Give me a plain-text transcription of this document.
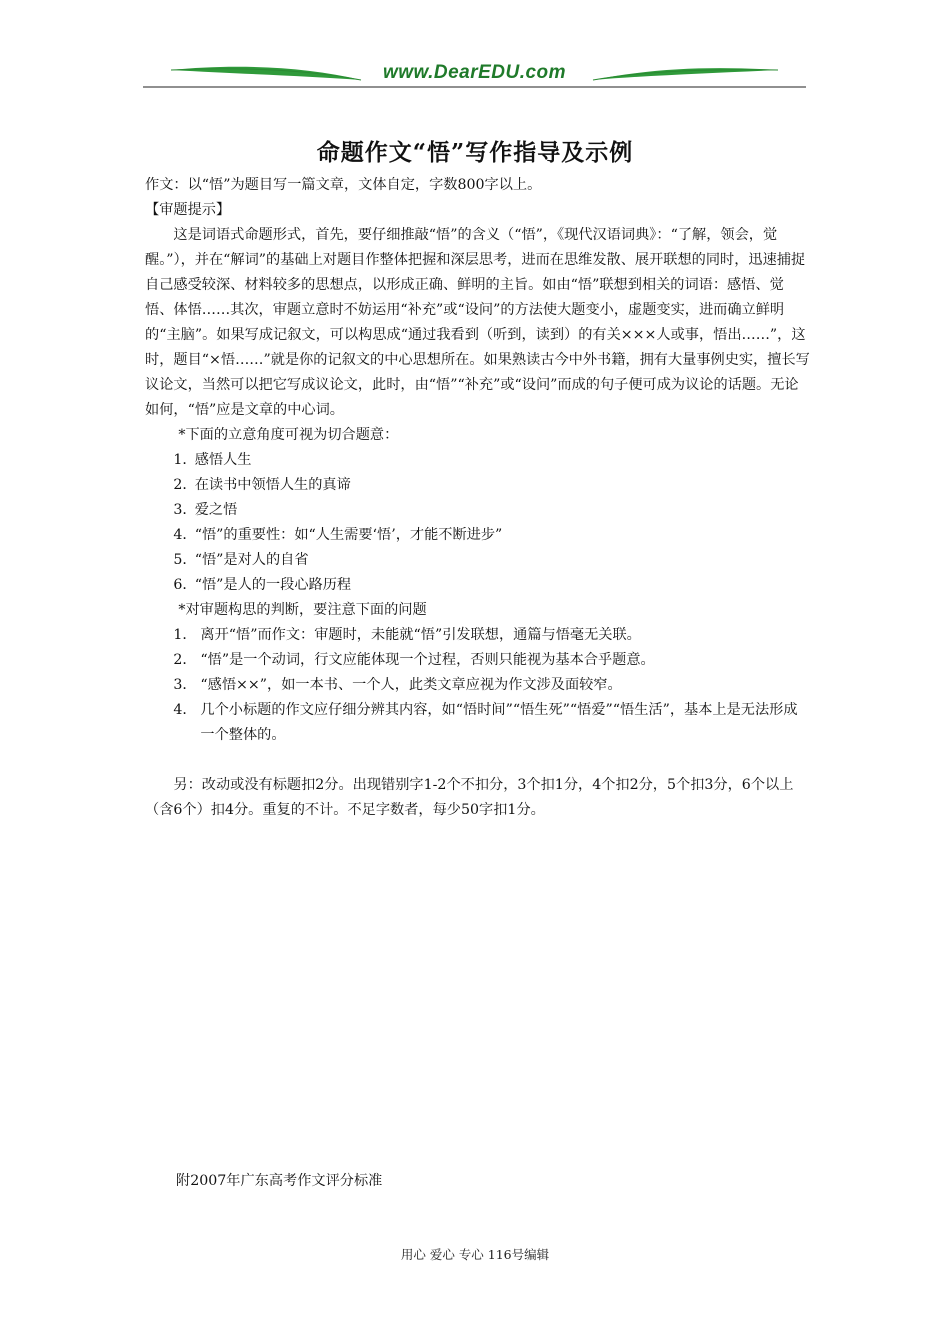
www.DearEDU.com
命题作文“悟”写作指导及示例

作文：以“悟”为题目写一篇文章，文体自定，字数800字以上。

【审题提示】

这是词语式命题形式，首先，要仔细推敲“悟”的含义（“悟”，《现代汉语词典》：“了解，领会，觉醒。”），并在“解词”的基础上对题目作整体把握和深层思考，进而在思维发散、展开联想的同时，迅速捕捉自己感受较深、材料较多的思想点，以形成正确、鲜明的主旨。如由“悟”联想到相关的词语：感悟、觉悟、体悟……其次，审题立意时不妨运用“补充”或“设问”的方法使大题变小，虚题变实，进而确立鲜明的“主脑”。如果写成记叙文，可以构思成“通过我看到（听到，读到）的有关×××人或事，悟出……”，这时，题目“×悟……”就是你的记叙文的中心思想所在。如果熟读古今中外书籍，拥有大量事例史实，擅长写议论文，当然可以把它写成议论文，此时，由“悟”“补充”或“设问”而成的句子便可成为议论的话题。无论如何，“悟”应是文章的中心词。

*下面的立意角度可视为切合题意：

1．感悟人生
2．在读书中领悟人生的真谛
3．爱之悟
4．“悟”的重要性：如“人生需要‘悟’，才能不断进步”
5．“悟”是对人的自省
6．“悟”是人的一段心路历程

*对审题构思的判断，要注意下面的问题

1． 离开“悟”而作文：审题时，未能就“悟”引发联想，通篇与悟毫无关联。
2． “悟”是一个动词，行文应能体现一个过程，否则只能视为基本合乎题意。
3． “感悟××”，如一本书、一个人，此类文章应视为作文涉及面较窄。
4． 几个小标题的作文应仔细分辨其内容，如“悟时间”“悟生死”“悟爱”“悟生活”，基本上是无法形成一个整体的。

另：改动或没有标题扣2分。出现错别字1-2个不扣分，3个扣1分，4个扣2分，5个扣3分，6个以上（含6个）扣4分。重复的不计。不足字数者，每少50字扣1分。

附2007年广东高考作文评分标准
用心 爱心 专心 116号编辑
